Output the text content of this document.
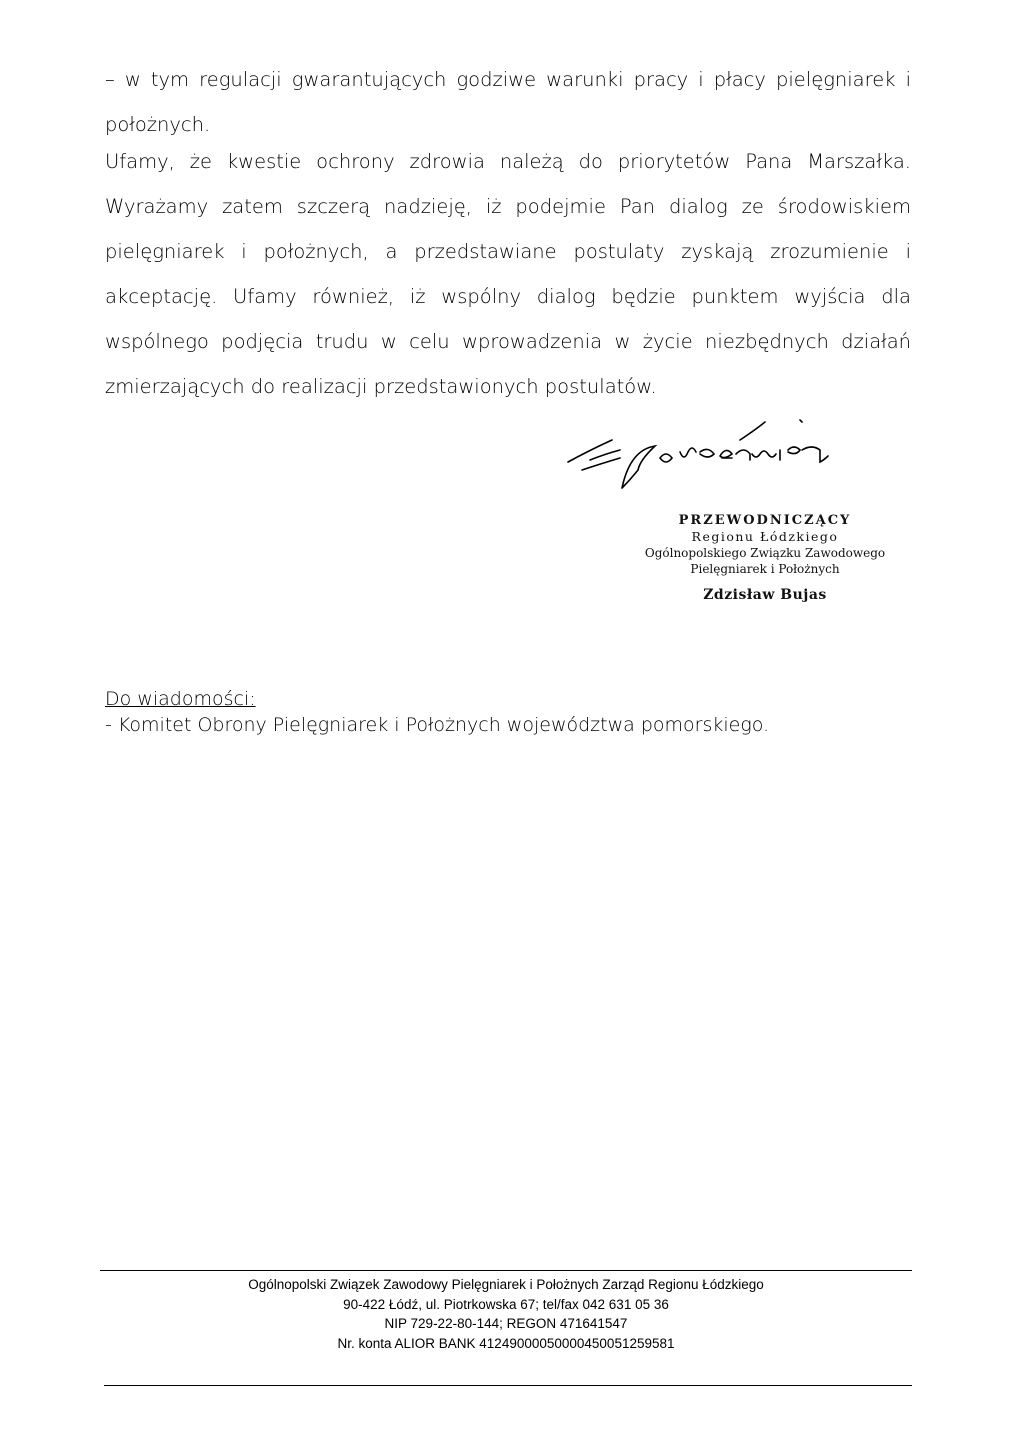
– w tym regulacji gwarantujących godziwe warunki pracy i płacy pielęgniarek i położnych.

Ufamy, że kwestie ochrony zdrowia należą do priorytetów Pana Marszałka. Wyrażamy zatem szczerą nadzieję, iż podejmie Pan dialog ze środowiskiem pielęgniarek i położnych, a przedstawiane postulaty zyskają zrozumienie i akceptację. Ufamy również, iż wspólny dialog będzie punktem wyjścia dla wspólnego podjęcia trudu w celu wprowadzenia w życie niezbędnych działań zmierzających do realizacji przedstawionych postulatów.

PRZEWODNICZĄCY
Regionu Łódzkiego
Ogólnopolskiego Związku Zawodowego
Pielęgniarek i Położnych
Zdzisław Bujas
Do wiadomości:
- Komitet Obrony Pielęgniarek i Położnych województwa pomorskiego.
Ogólnopolski Związek Zawodowy Pielęgniarek i Położnych Zarząd Regionu Łódzkiego
90-422 Łódź, ul. Piotrkowska 67; tel/fax 042 631 05 36
NIP 729-22-80-144; REGON 471641547
Nr. konta ALIOR BANK 41249000050000450051259581
